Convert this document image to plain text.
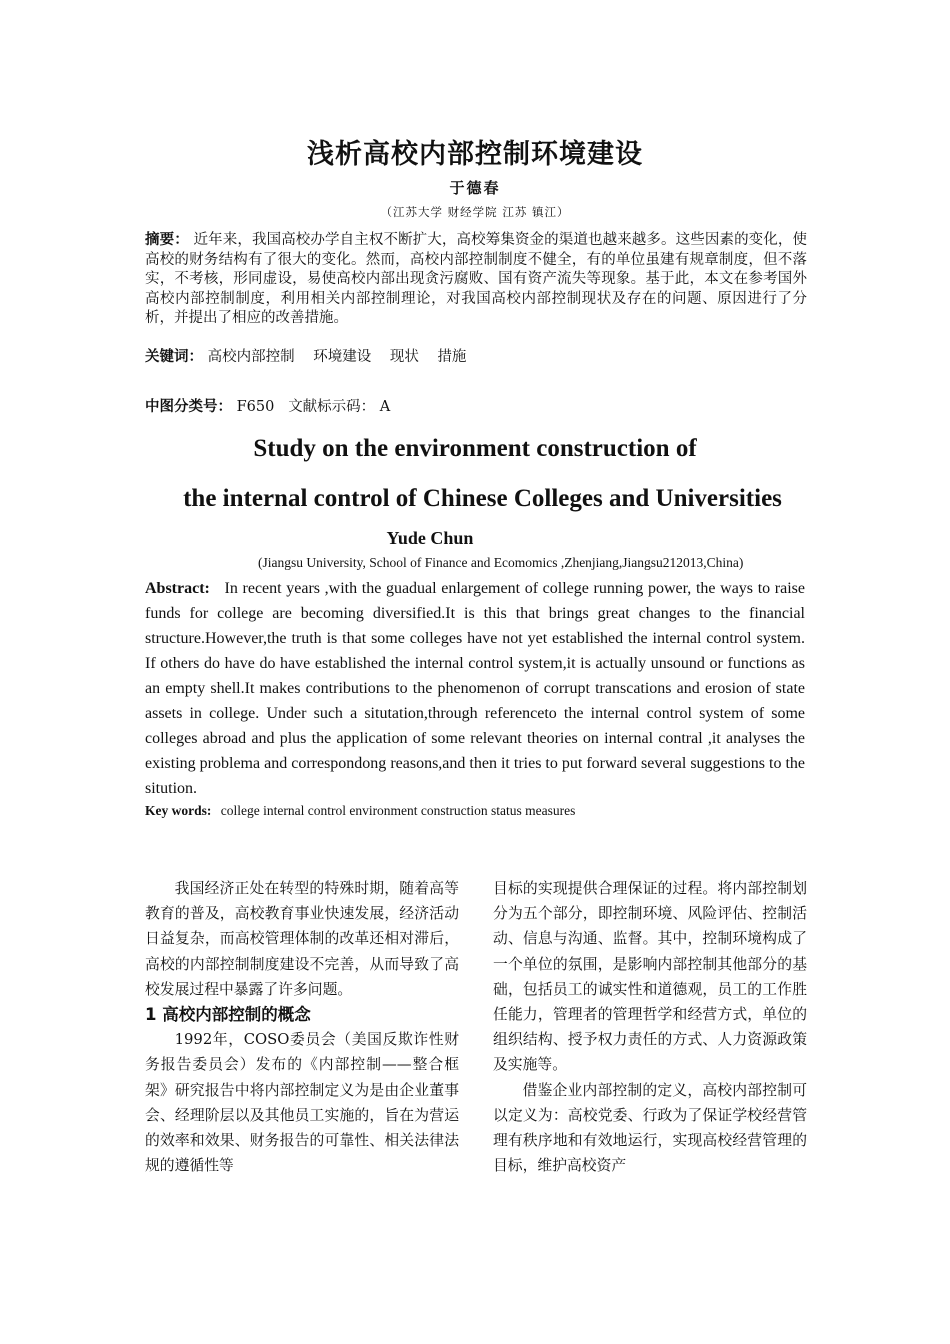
浅析高校内部控制环境建设
于德春
（江苏大学 财经学院 江苏 镇江）
摘要： 近年来，我国高校办学自主权不断扩大，高校筹集资金的渠道也越来越多。这些因素的变化，使高校的财务结构有了很大的变化。然而，高校内部控制制度不健全，有的单位虽建有规章制度，但不落实，不考核，形同虚设，易使高校内部出现贪污腐败、国有资产流失等现象。基于此，本文在参考国外高校内部控制制度，利用相关内部控制理论，对我国高校内部控制现状及存在的问题、原因进行了分析，并提出了相应的改善措施。
关键词： 高校内部控制 环境建设 现状 措施
中图分类号： F650 文献标示码： A
Study on the environment construction of
the internal control of Chinese Colleges and Universities
Yude Chun
(Jiangsu University, School of Finance and Ecomomics ,Zhenjiang,Jiangsu212013,China)
Abstract: In recent years ,with the guadual enlargement of college running power, the ways to raise funds for college are becoming diversified.It is this that brings great changes to the financial structure.However,the truth is that some colleges have not yet established the internal control system. If others do have do have established the internal control system,it is actually unsound or functions as an empty shell.It makes contributions to the phenomenon of corrupt transcations and erosion of state assets in college. Under such a situtation,through referenceto the internal control system of some colleges abroad and plus the application of some relevant theories on internal contral ,it analyses the existing problema and correspondong reasons,and then it tries to put forward several suggestions to the sitution.
Key words: college internal control environment construction status measures

我国经济正处在转型的特殊时期，随着高等教育的普及，高校教育事业快速发展，经济活动日益复杂，而高校管理体制的改革还相对滞后，高校的内部控制制度建设不完善，从而导致了高校发展过程中暴露了许多问题。

1 高校内部控制的概念

1992年，COSO委员会（美国反欺诈性财务报告委员会）发布的《内部控制——整合框架》研究报告中将内部控制定义为是由企业董事会、经理阶层以及其他员工实施的，旨在为营运的效率和效果、财务报告的可靠性、相关法律法规的遵循性等

目标的实现提供合理保证的过程。将内部控制划分为五个部分，即控制环境、风险评估、控制活动、信息与沟通、监督。其中，控制环境构成了一个单位的氛围，是影响内部控制其他部分的基础，包括员工的诚实性和道德观，员工的工作胜任能力，管理者的管理哲学和经营方式，单位的组织结构、授予权力责任的方式、人力资源政策及实施等。

借鉴企业内部控制的定义，高校内部控制可以定义为：高校党委、行政为了保证学校经营管理有秩序地和有效地运行，实现高校经营管理的目标，维护高校资产
